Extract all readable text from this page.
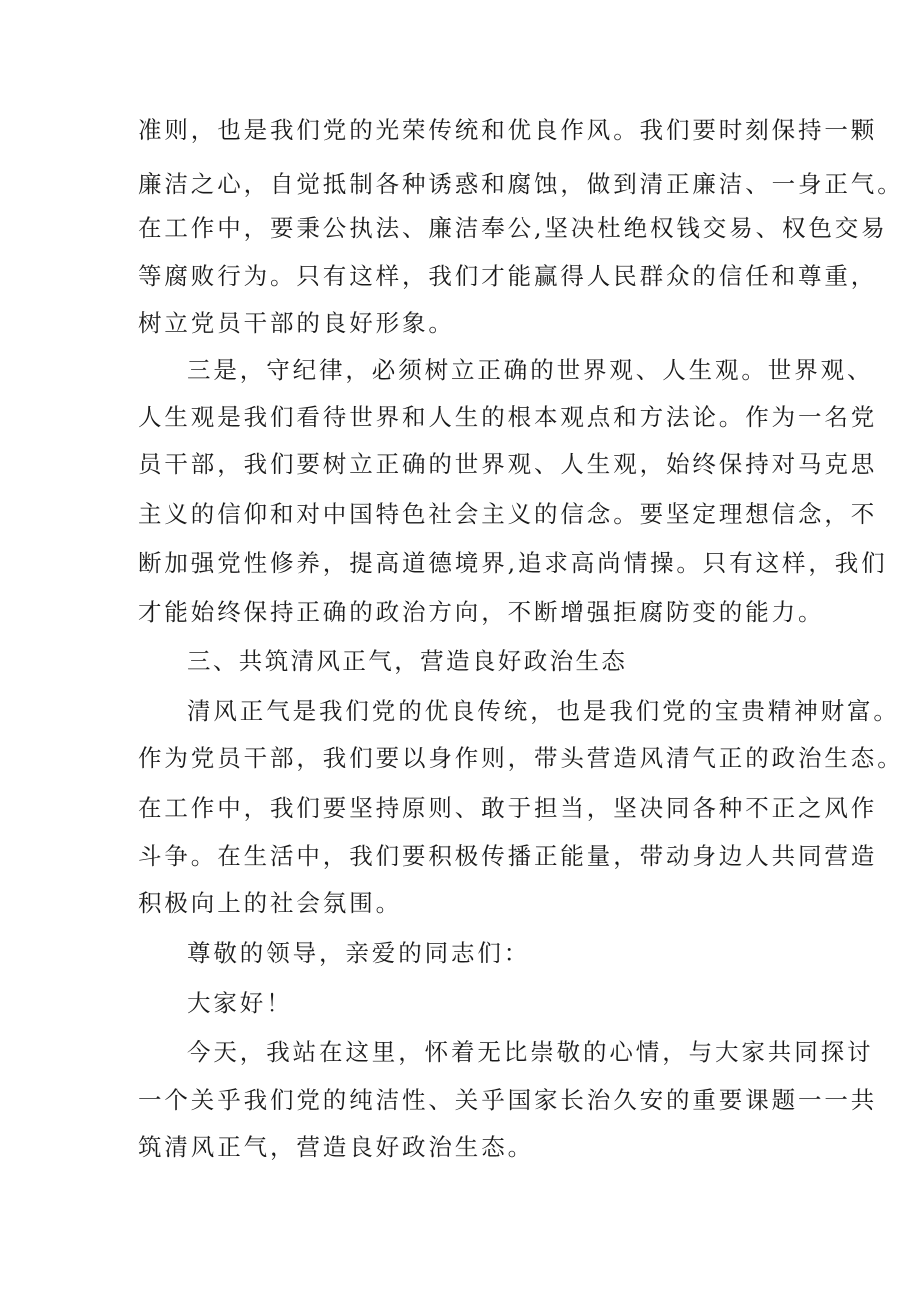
准则，也是我们党的光荣传统和优良作风。我们要时刻保持一颗
廉洁之心，自觉抵制各种诱惑和腐蚀，做到清正廉洁、一身正气。
在工作中，要秉公执法、廉洁奉公,坚决杜绝权钱交易、权色交易
等腐败行为。只有这样，我们才能赢得人民群众的信任和尊重，
树立党员干部的良好形象。
三是，守纪律，必须树立正确的世界观、人生观。世界观、
人生观是我们看待世界和人生的根本观点和方法论。作为一名党
员干部，我们要树立正确的世界观、人生观，始终保持对马克思
主义的信仰和对中国特色社会主义的信念。要坚定理想信念，不
断加强党性修养，提高道德境界,追求高尚情操。只有这样，我们
才能始终保持正确的政治方向，不断增强拒腐防变的能力。
三、共筑清风正气，营造良好政治生态
清风正气是我们党的优良传统，也是我们党的宝贵精神财富。
作为党员干部，我们要以身作则，带头营造风清气正的政治生态。
在工作中，我们要坚持原则、敢于担当，坚决同各种不正之风作
斗争。在生活中，我们要积极传播正能量，带动身边人共同营造
积极向上的社会氛围。
尊敬的领导，亲爱的同志们：
大家好！
今天，我站在这里，怀着无比崇敬的心情，与大家共同探讨
一个关乎我们党的纯洁性、关乎国家长治久安的重要课题一一共
筑清风正气，营造良好政治生态。
